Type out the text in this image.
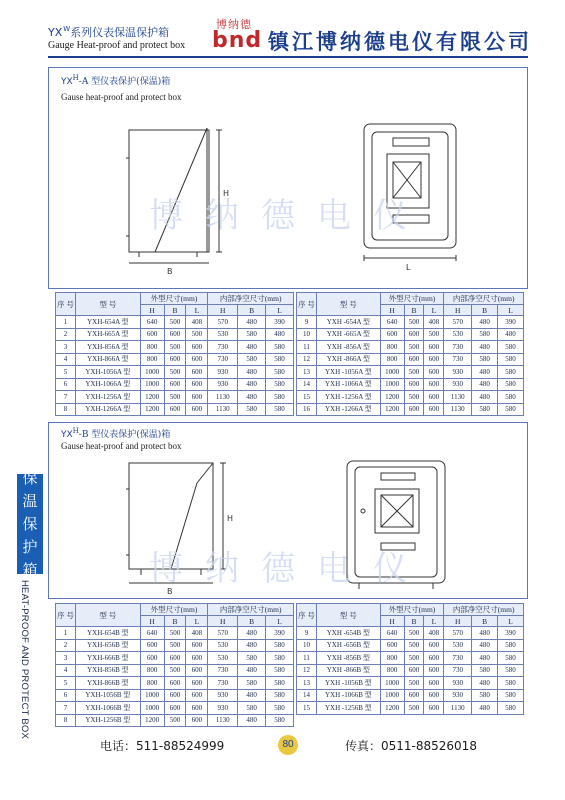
$YX^W$系列仪表保温保护箱
Gauge Heat-proof and protect box
博纳德
bnd 镇江博纳德电仪有限公司
$YX^H-A$ 型仪表保护(保温)箱
Gause heat-proof and protect box
B
H
L
博纳德电仪
序 号	型 号	外型尺寸(mm)			内部净空尺寸(mm)		
		H	B	L	H	B	L
1	YXH-654A 型	640	500	408	570	480	390
2	YXH-665A 型	600	600	500	530	580	480
3	YXH-856A 型	800	500	600	730	480	580
4	YXH-866A 型	800	600	600	730	580	580
5	YXH-1056A 型	1000	500	600	930	480	580
6	YXH-1066A 型	1000	600	600	930	480	580
7	YXH-1256A 型	1200	500	600	1130	480	580
8	YXH-1266A 型	1200	600	600	1130	580	580
序 号	型 号	外型尺寸(mm)			内部净空尺寸(mm)		
		H	B	L	H	B	L
9	YXH -654A 型	640	500	408	570	480	390
10	YXH -665A 型	600	600	500	530	580	480
11	YXH -856A 型	800	500	600	730	480	580
12	YXH -866A 型	800	600	600	730	580	580
13	YXH -1056A 型	1000	500	600	930	480	580
14	YXH -1066A 型	1000	600	600	930	480	580
15	YXH -1256A 型	1200	500	600	1130	480	580
16	YXH -1266A 型	1200	600	600	1130	580	580
$YX^H-B$ 型仪表保护(保温)箱
Gause heat-proof and protect box
B
H
博纳德电仪
序 号	型 号	外型尺寸(mm)			内部净空尺寸(mm)		
		H	B	L	H	B	L
1	YXH-654B 型	640	500	408	570	480	390
2	YXH-656B 型	600	500	600	530	480	580
3	YXH-666B 型	600	600	600	530	580	580
4	YXH-856B 型	800	500	600	730	480	580
5	YXH-866B 型	800	600	600	730	580	580
6	YXH-1056B 型	1000	600	600	930	480	580
7	YXH-1066B 型	1000	600	600	930	580	580
8	YXH-1256B 型	1200	500	600	1130	480	580
序 号	型 号	外型尺寸(mm)			内部净空尺寸(mm)		
		H	B	L	H	B	L
9	YXH -654B 型	640	500	408	570	480	390
10	YXH -656B 型	600	500	600	530	480	580
11	YXH -856B 型	800	500	600	730	480	580
12	YXH -866B 型	800	600	600	730	580	580
13	YXH -1056B 型	1000	500	600	930	480	580
14	YXH -1066B 型	1000	600	600	930	580	580
15	YXH -1256B 型	1200	500	600	1130	480	580
保
温
保
护
箱
HEAT-PROOF AND PROTECT BOX
电话：511-88524999	80	传真：0511-88526018
